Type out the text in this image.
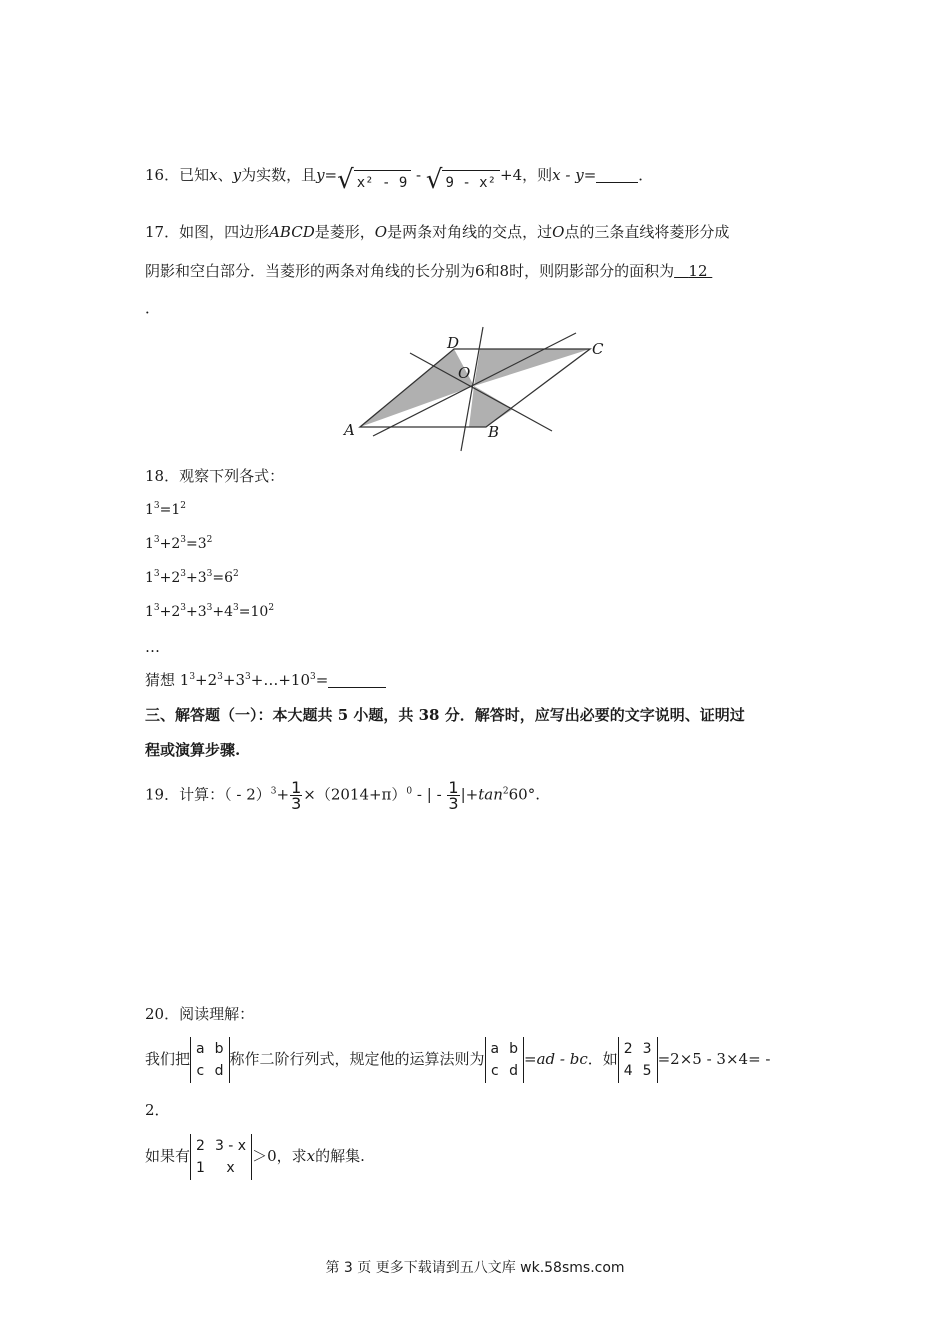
16．已知x、y为实数，且y= √ x² - 9 - √ 9 - x² +4，则x - y=	．
17．如图，四边形ABCD是菱形，O是两条对角线的交点，过O点的三条直线将菱形分成
阴影和空白部分．当菱形的两条对角线的长分别为6和8时，则阴影部分的面积为 12
．
D	C
O
A	B
18．观察下列各式：
$1^3=1^2$
$1^3+2^3=3^2$
$1^3+2^3+3^3=6^2$
$1^3+2^3+3^3+4^3=10^2$
…
猜想 $1^3+2^3+3^3+\dots+10^3=$
三、解答题（一）：本大题共 5 小题，共 38 分．解答时，应写出必要的文字说明、证明过
程或演算步骤.
19．计算：（ - $2)^3+ \frac{1}{3} \times(2014+\pi)^0$ - | - $\frac{1}{3} |+\tan^260^\circ$.
20．阅读理解：
我们把
a b
c d
称作二阶行列式，规定他的运算法则为
a b
c d
=ad - bc．如
2 3
4 5
=2×5 - 3×4= -
2．
如果有
2 3 - x
1	x
＞0，求x的解集.
第 3 页 更多下载请到五八文库 wk.58sms.com
